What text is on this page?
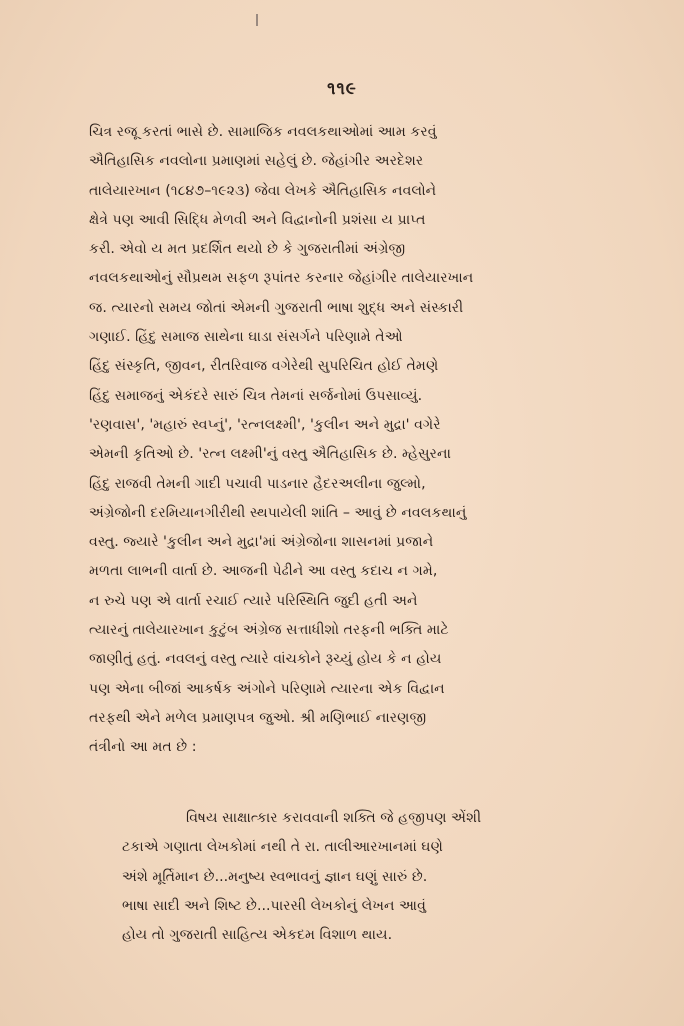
૧૧૯
ચિત્ર રજૂ કરતાં ભાસે છે. સામાજિક નવલકથાઓમાં આમ કરવું
ઐતિહાસિક નવલોના પ્રમાણમાં સહેલું છે. જેહાંગીર અરદેશર
તાલેયારખાન (૧૮૪૭–૧૯૨૩) જેવા લેખકે ઐતિહાસિક નવલોને
ક્ષેત્રે પણ આવી સિદ્ધિ મેળવી અને વિદ્વાનોની પ્રશંસા ય પ્રાપ્ત
કરી. એવો ય મત પ્રદર્શિત થયો છે કે ગુજરાતીમાં અંગ્રેજી
નવલકથાઓનું સૌપ્રથમ સફળ રૂપાંતર કરનાર જેહાંગીર તાલેયારખાન
જ. ત્યારનો સમય જોતાં એમની ગુજરાતી ભાષા શુદ્ધ અને સંસ્કારી
ગણાઈ. હિંદુ સમાજ સાથેના ઘાડા સંસર્ગને પરિણામે તેઓ
હિંદુ સંસ્કૃતિ, જીવન, રીતરિવાજ વગેરેથી સુપરિચિત હોઈ તેમણે
હિંદુ સમાજનું એકંદરે સારું ચિત્ર તેમનાં સર્જનોમાં ઉપસાવ્યું.
'રણવાસ', 'મહારું સ્વપ્નું', 'રત્નલક્ષ્મી', 'કુલીન અને મુદ્રા' વગેરે
એમની કૃતિઓ છે. 'રત્ન લક્ષ્મી'નું વસ્તુ ઐતિહાસિક છે. મ્હેસુરના
હિંદુ રાજવી તેમની ગાદી પચાવી પાડનાર હૈદરઅલીના જુલ્મો,
અંગ્રેજોની દરમિયાનગીરીથી સ્થપાયેલી શાંતિ – આવું છે નવલકથાનું
વસ્તુ. જ્યારે 'કુલીન અને મુદ્રા'માં અંગ્રેજોના શાસનમાં પ્રજાને
મળતા લાભની વાર્તા છે. આજની પેઢીને આ વસ્તુ કદાચ ન ગમે,
ન રુચે પણ એ વાર્તા રચાઈ ત્યારે પરિસ્થિતિ જુદી હતી અને
ત્યારનું તાલેયારખાન કુટુંબ અંગ્રેજ સત્તાધીશો તરફની ભક્તિ માટે
જાણીતું હતું. નવલનું વસ્તુ ત્યારે વાંચકોને રૂચ્યું હોય કે ન હોય
પણ એના બીજાં આકર્ષક અંગોને પરિણામે ત્યારના એક વિદ્વાન
તરફથી એને મળેલ પ્રમાણપત્ર જુઓ. શ્રી મણિભાઈ નારણજી
તંત્રીનો આ મત છે :
વિષય સાક્ષાત્કાર કરાવવાની શક્તિ જે હજીપણ એંશી
ટકાએ ગણાતા લેખકોમાં નથી તે રા. તાલીઆરખાનમાં ઘણે
અંશે મૂર્તિમાન છે...મનુષ્ય સ્વભાવનું જ્ઞાન ઘણું સારું છે.
ભાષા સાદી અને શિષ્ટ છે...પારસી લેખકોનું લેખન આવું
હોય તો ગુજરાતી સાહિત્ય એકદમ વિશાળ થાય.
